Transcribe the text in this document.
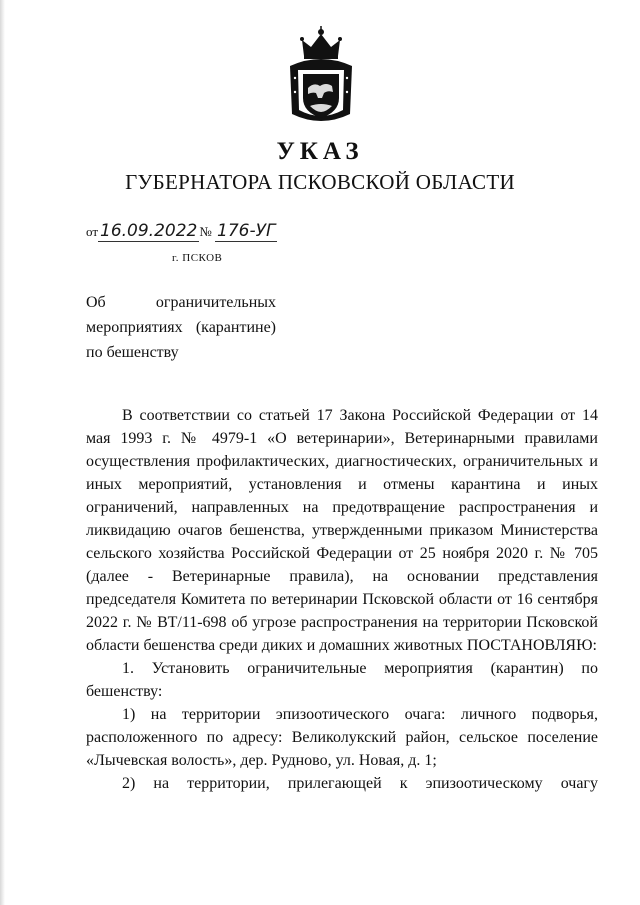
УКАЗ
ГУБЕРНАТОРА ПСКОВСКОЙ ОБЛАСТИ
от 16.09.2022 № 176-УГ
г. ПСКОВ
Об ограничительных
мероприятиях (карантине)
по бешенству

В соответствии со статьей 17 Закона Российской Федерации от 14 мая 1993 г. № 4979-1 «О ветеринарии», Ветеринарными правилами осуществления профилактических, диагностических, ограничительных и иных мероприятий, установления и отмены карантина и иных ограничений, направленных на предотвращение распространения и ликвидацию очагов бешенства, утвержденными приказом Министерства сельского хозяйства Российской Федерации от 25 ноября 2020 г. № 705 (далее - Ветеринарные правила), на основании представления председателя Комитета по ветеринарии Псковской области от 16 сентября 2022 г. № ВТ/11-698 об угрозе распространения на территории Псковской области бешенства среди диких и домашних животных ПОСТАНОВЛЯЮ:

1. Установить ограничительные мероприятия (карантин) по бешенству:

1) на территории эпизоотического очага: личного подворья, расположенного по адресу: Великолукский район, сельское поселение «Лычевская волость», дер. Рудново, ул. Новая, д. 1;

2) на территории, прилегающей к эпизоотическому очагу
